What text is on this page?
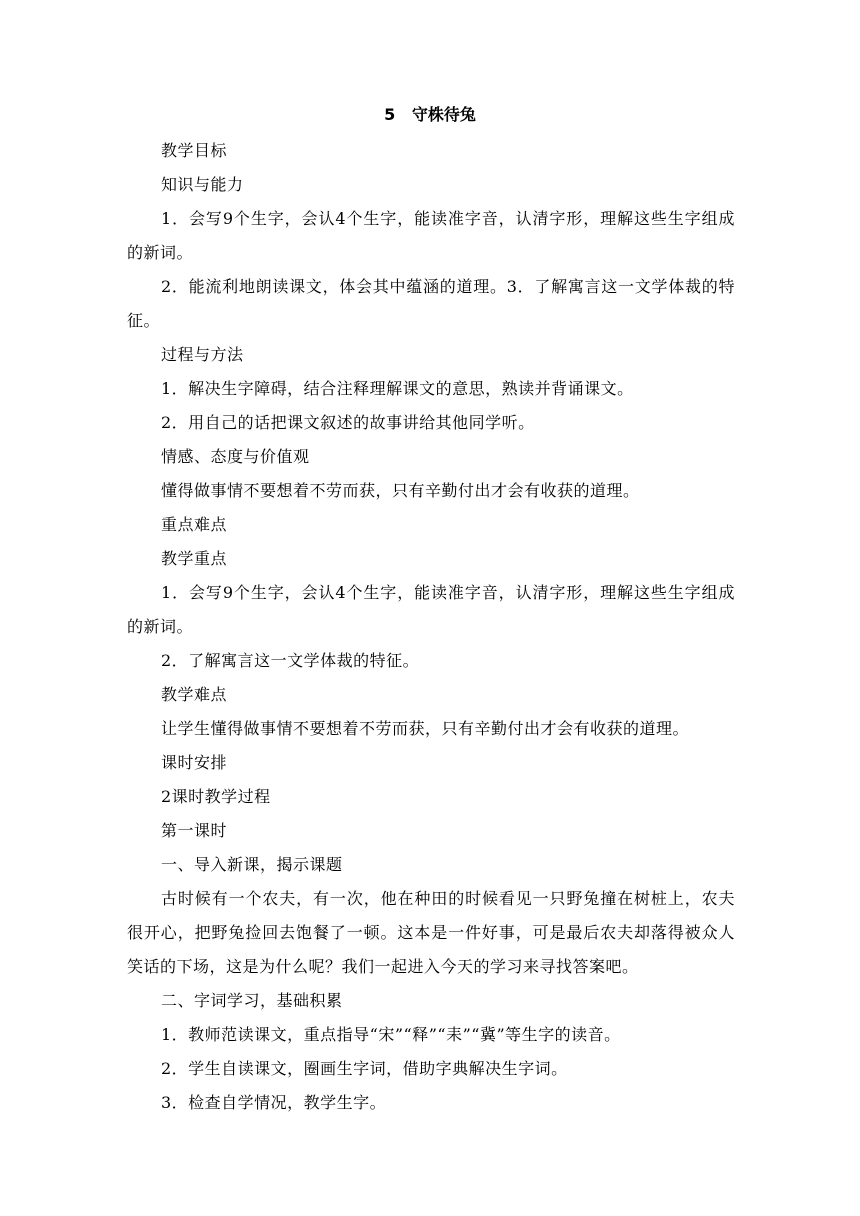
5   守株待兔

教学目标

知识与能力

1．会写9个生字，会认4个生字，能读准字音，认清字形，理解这些生字组成的新词。

2．能流利地朗读课文，体会其中蕴涵的道理。3．了解寓言这一文学体裁的特征。

过程与方法

1．解决生字障碍，结合注释理解课文的意思，熟读并背诵课文。

2．用自己的话把课文叙述的故事讲给其他同学听。

情感、态度与价值观

懂得做事情不要想着不劳而获，只有辛勤付出才会有收获的道理。

重点难点

教学重点

1．会写9个生字，会认4个生字，能读准字音，认清字形，理解这些生字组成的新词。

2．了解寓言这一文学体裁的特征。

教学难点

让学生懂得做事情不要想着不劳而获，只有辛勤付出才会有收获的道理。

课时安排

2课时教学过程

第一课时

一、导入新课，揭示课题

古时候有一个农夫，有一次，他在种田的时候看见一只野兔撞在树桩上，农夫很开心，把野兔捡回去饱餐了一顿。这本是一件好事，可是最后农夫却落得被众人笑话的下场，这是为什么呢？我们一起进入今天的学习来寻找答案吧。

二、字词学习，基础积累

1．教师范读课文，重点指导“宋”“释”“耒”“冀”等生字的读音。

2．学生自读课文，圈画生字词，借助字典解决生字词。

3．检查自学情况，教学生字。
